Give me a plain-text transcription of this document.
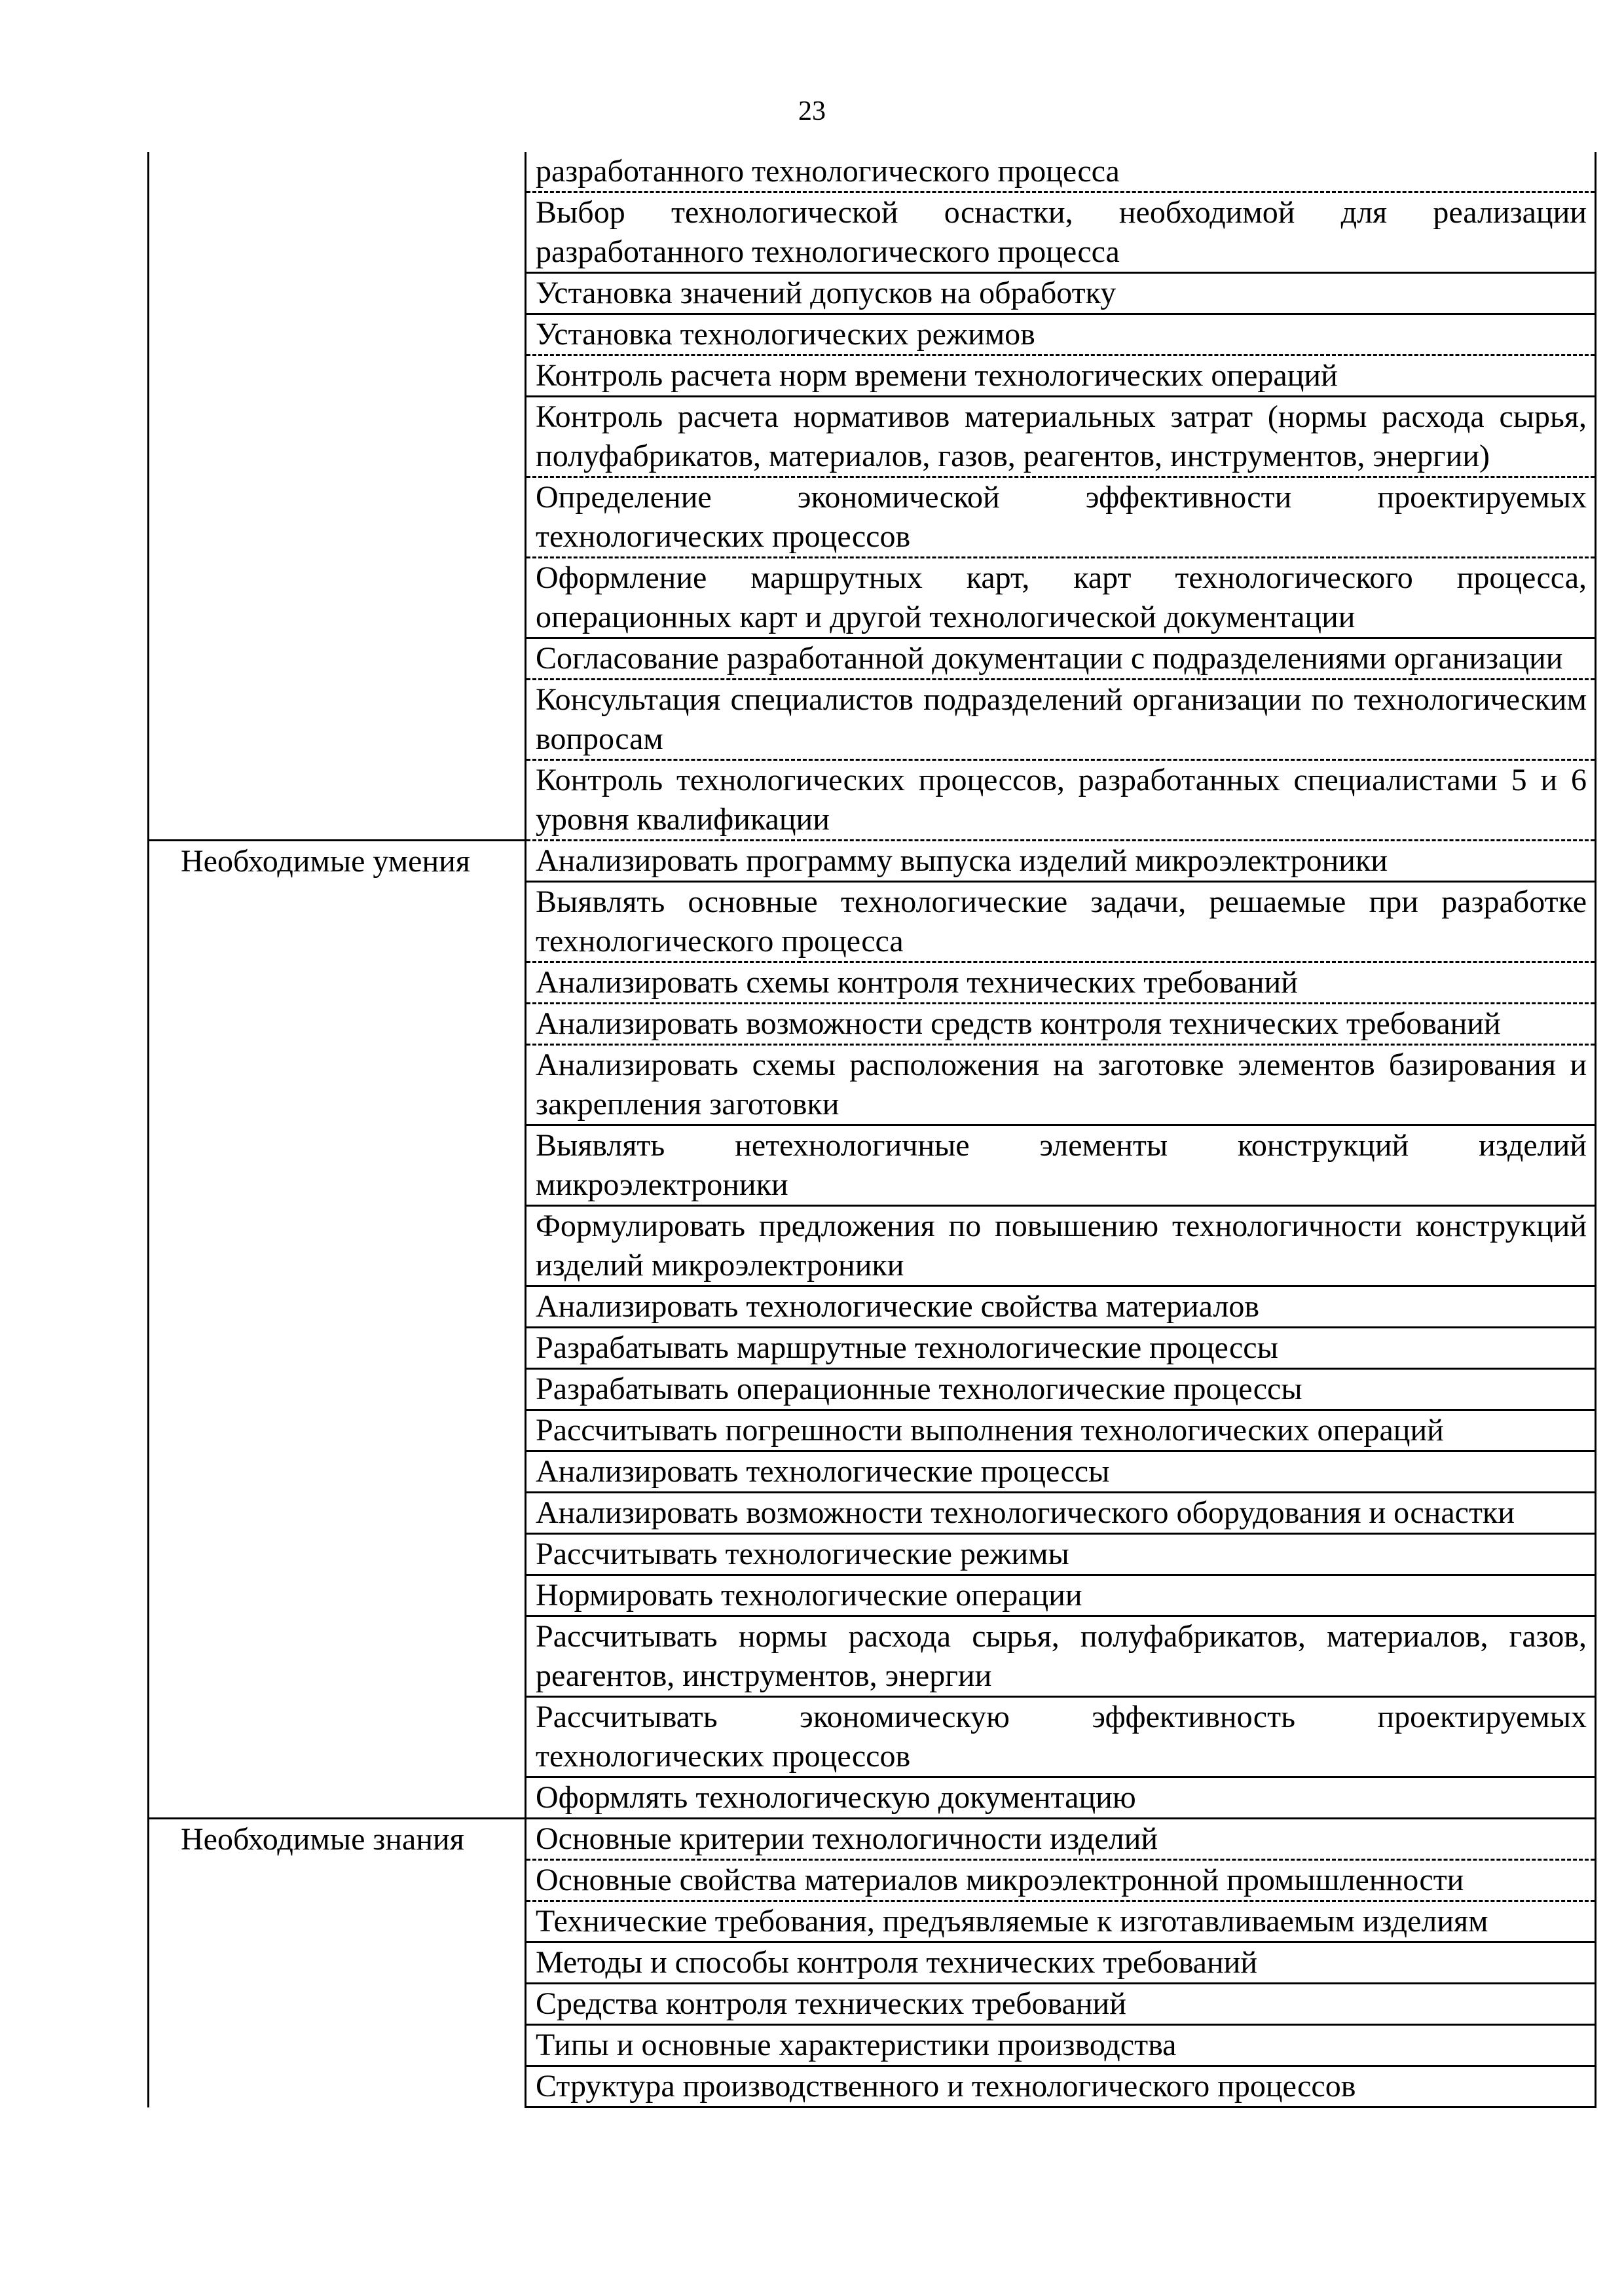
23
	разработанного технологического процесса
	Выбор технологической оснастки, необходимой для реализации разработанного технологического процесса
	Установка значений допусков на обработку
	Установка технологических режимов
	Контроль расчета норм времени технологических операций
	Контроль расчета нормативов материальных затрат (нормы расхода сырья, полуфабрикатов, материалов, газов, реагентов, инструментов, энергии)
	Определение экономической эффективности проектируемых технологических процессов
	Оформление маршрутных карт, карт технологического процесса, операционных карт и другой технологической документации
	Согласование разработанной документации с подразделениями организации
	Консультация специалистов подразделений организации по технологическим вопросам
	Контроль технологических процессов, разработанных специалистами 5 и 6 уровня квалификации
Необходимые умения	Анализировать программу выпуска изделий микроэлектроники
	Выявлять основные технологические задачи, решаемые при разработке технологического процесса
	Анализировать схемы контроля технических требований
	Анализировать возможности средств контроля технических требований
	Анализировать схемы расположения на заготовке элементов базирования и закрепления заготовки
	Выявлять нетехнологичные элементы конструкций изделий микроэлектроники
	Формулировать предложения по повышению технологичности конструкций изделий микроэлектроники
	Анализировать технологические свойства материалов
	Разрабатывать маршрутные технологические процессы
	Разрабатывать операционные технологические процессы
	Рассчитывать погрешности выполнения технологических операций
	Анализировать технологические процессы
	Анализировать возможности технологического оборудования и оснастки
	Рассчитывать технологические режимы
	Нормировать технологические операции
	Рассчитывать нормы расхода сырья, полуфабрикатов, материалов, газов, реагентов, инструментов, энергии
	Рассчитывать экономическую эффективность проектируемых технологических процессов
	Оформлять технологическую документацию
Необходимые знания	Основные критерии технологичности изделий
	Основные свойства материалов микроэлектронной промышленности
	Технические требования, предъявляемые к изготавливаемым изделиям
	Методы и способы контроля технических требований
	Средства контроля технических требований
	Типы и основные характеристики производства
	Структура производственного и технологического процессов
